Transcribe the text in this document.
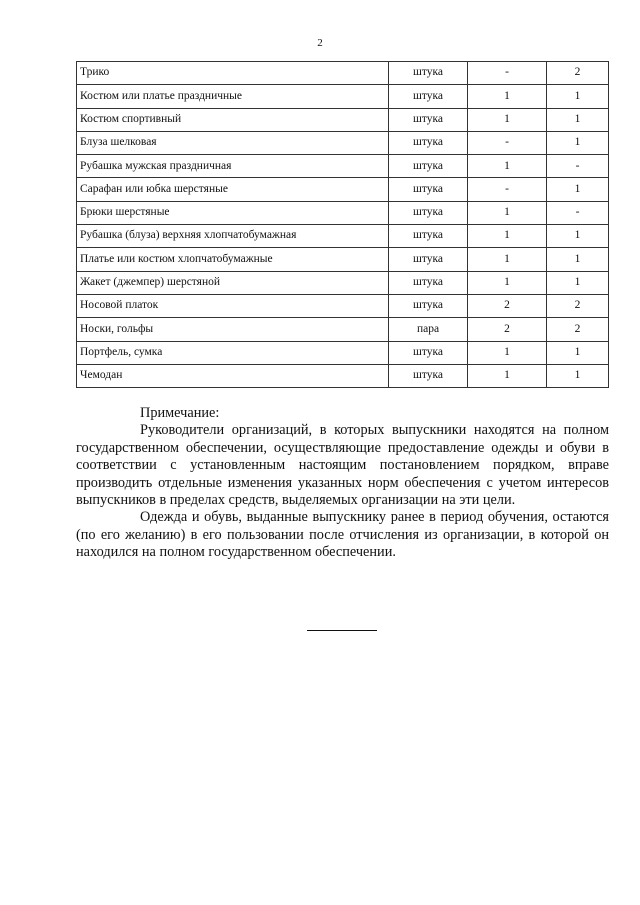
2
Трико	штука	-	2
Костюм или платье праздничные	штука	1	1
Костюм спортивный	штука	1	1
Блуза шелковая	штука	-	1
Рубашка мужская праздничная	штука	1	-
Сарафан или юбка шерстяные	штука	-	1
Брюки шерстяные	штука	1	-
Рубашка (блуза) верхняя хлопчатобумажная	штука	1	1
Платье или костюм хлопчатобумажные	штука	1	1
Жакет (джемпер) шерстяной	штука	1	1
Носовой платок	штука	2	2
Носки, гольфы	пара	2	2
Портфель, сумка	штука	1	1
Чемодан	штука	1	1

Примечание:

Руководители организаций, в которых выпускники находятся на полном государственном обеспечении, осуществляющие предоставление одежды и обуви в соответствии с установленным настоящим постановлением порядком, вправе производить отдельные изменения указанных норм обеспечения с учетом интересов выпускников в пределах средств, выделяемых организации на эти цели.

Одежда и обувь, выданные выпускнику ранее в период обучения, остаются (по его желанию) в его пользовании после отчисления из организации, в которой он находился на полном государственном обеспечении.
